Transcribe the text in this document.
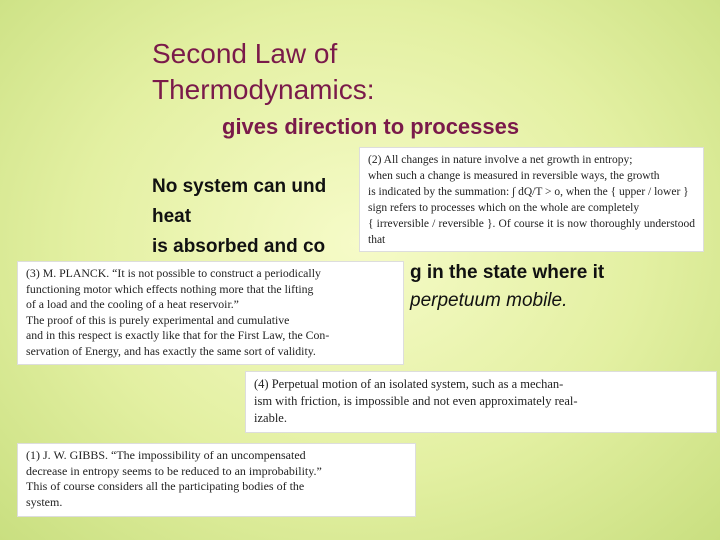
Second Law of
Thermodynamics:
gives direction to processes
No system can und
heat
is absorbed and co
g in the state where it
perpetuum mobile.

(2) All changes in nature involve a net growth in entropy;

when such a change is measured in reversible ways, the growth

is indicated by the summation: ∫ dQ/T > o, when the { upper / lower }

sign refers to processes which on the whole are completely

{ irreversible / reversible }. Of course it is now thoroughly understood that

(3) M. PLANCK. “It is not possible to construct a periodically

functioning motor which effects nothing more that the lifting

of a load and the cooling of a heat reservoir.”

The proof of this is purely experimental and cumulative

and in this respect is exactly like that for the First Law, the Con-

servation of Energy, and has exactly the same sort of validity.

(4) Perpetual motion of an isolated system, such as a mechan-

ism with friction, is impossible and not even approximately real-

izable.

(1) J. W. GIBBS. “The impossibility of an uncompensated

decrease in entropy seems to be reduced to an improbability.”

This of course considers all the participating bodies of the

system.
